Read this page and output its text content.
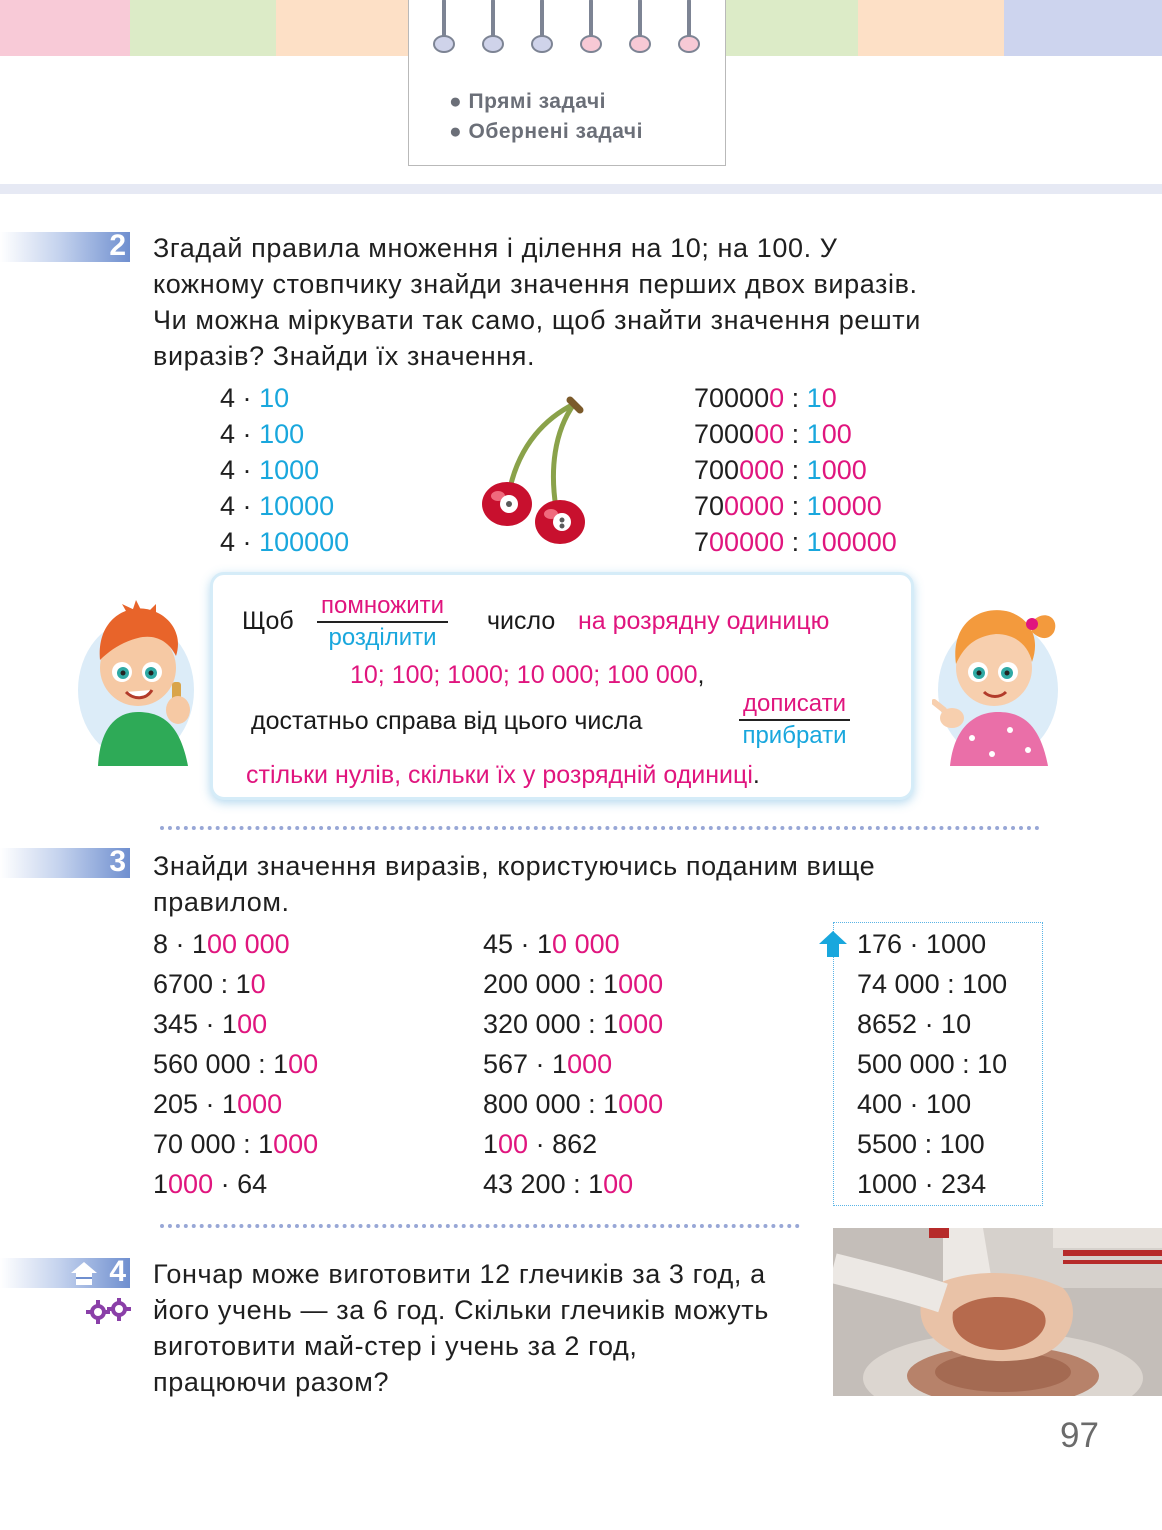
● Прямі задачі
● Обернені задачі
2 Згадай правила множення і ділення на 10; на 100. У кожному стовпчику знайди значення перших двох виразів. Чи можна міркувати так само, щоб знайти значення решти виразів? Знайди їх значення.
4 · 10
4 · 100
4 · 1000
4 · 10000
4 · 100000
700000 : 10
700000 : 100
700000 : 1000
700000 : 10000
700000 : 100000
Щоб
помножити
розділити
число на розрядну одиницю
10; 100; 1000; 10 000; 100 000,
достатньо справа від цього числа
дописати
прибрати
стільки нулів, скільки їх у розрядній одиниці.
3 Знайди значення виразів, користуючись поданим вище правилом.
8 · 100 000
6700 : 10
345 · 100
560 000 : 100
205 · 1000
70 000 : 1000
1000 · 64
45 · 10 000
200 000 : 1000
320 000 : 1000
567 · 1000
800 000 : 1000
100 · 862
43 200 : 100
176 · 1000
74 000 : 100
8652 · 10
500 000 : 10
400 · 100
5500 : 100
1000 · 234
4 Гончар може виготовити 12 глечиків за 3 год, а його учень — за 6 год. Скільки глечиків можуть виготовити май-стер і учень за 2 год, працюючи разом?
97
